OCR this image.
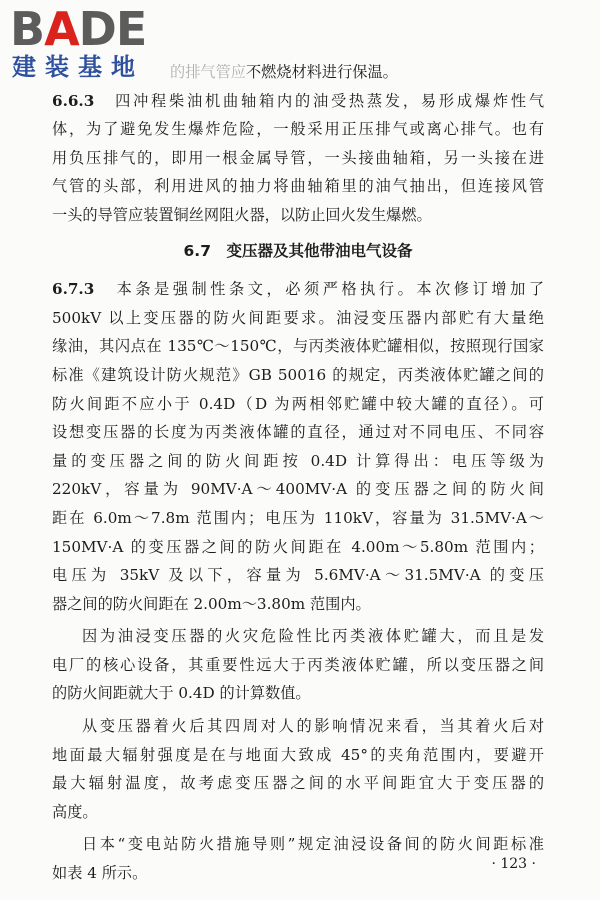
BADE
建装基地	的排气管应不燃烧材料进行保温。
6.6.3　 四冲程柴油机曲轴箱内的油受热蒸发，易形成爆炸性气
体，为了避免发生爆炸危险，一般采用正压排气或离心排气。也有
用负压排气的，即用一根金属导管，一头接曲轴箱，另一头接在进
气管的头部，利用进风的抽力将曲轴箱里的油气抽出，但连接风管
一头的导管应装置铜丝网阻火器，以防止回火发生爆燃。
6.7　变压器及其他带油电气设备
6.7.3　 本条是强制性条文，必须严格执行。本次修订增加了
500kV 以上变压器的防火间距要求。油浸变压器内部贮有大量绝
缘油，其闪点在 135℃～150℃，与丙类液体贮罐相似，按照现行国家
标准《建筑设计防火规范》GB 50016 的规定，丙类液体贮罐之间的
防火间距不应小于 0.4D（D 为两相邻贮罐中较大罐的直径）。可
设想变压器的长度为丙类液体罐的直径，通过对不同电压、不同容
量的变压器之间的防火间距按 0.4D 计算得出：电压等级为
220kV，容量为 90MV·A～400MV·A 的变压器之间的防火间
距在 6.0m～7.8m 范围内；电压为 110kV，容量为 31.5MV·A～
150MV·A 的变压器之间的防火间距在 4.00m～5.80m 范围内；
电压为 35kV 及以下，容量为 5.6MV·A～31.5MV·A 的变压
器之间的防火间距在 2.00m～3.80m 范围内。
因为油浸变压器的火灾危险性比丙类液体贮罐大，而且是发
电厂的核心设备，其重要性远大于丙类液体贮罐，所以变压器之间
的防火间距就大于 0.4D 的计算数值。
从变压器着火后其四周对人的影响情况来看，当其着火后对
地面最大辐射强度是在与地面大致成 45°的夹角范围内，要避开
最大辐射温度，故考虑变压器之间的水平间距宜大于变压器的
高度。
日本“变电站防火措施导则”规定油浸设备间的防火间距标准
如表 4 所示。
· 123 ·
